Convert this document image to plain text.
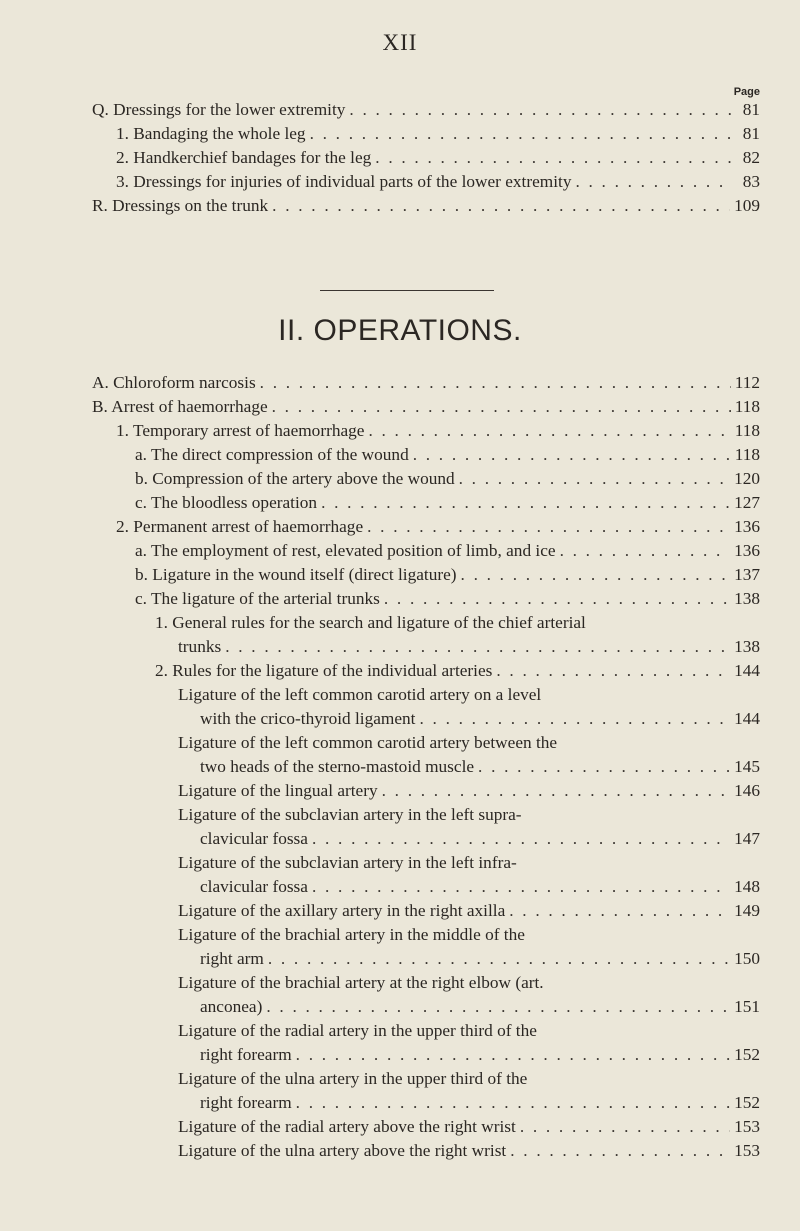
XII
Page
Q. Dressings for the lower extremity . . .	81
1. Bandaging the whole leg . . .	81
2. Handkerchief bandages for the leg . . .	82
3. Dressings for injuries of individual parts of the lower extremity . . .	83
R. Dressings on the trunk . . .	109
II. OPERATIONS.
A. Chloroform narcosis . . .	112
B. Arrest of haemorrhage . . .	118
1. Temporary arrest of haemorrhage . . .	118
a. The direct compression of the wound . . .	118
b. Compression of the artery above the wound . . .	120
c. The bloodless operation . . .	127
2. Permanent arrest of haemorrhage . . .	136
a. The employment of rest, elevated position of limb, and ice . . .	136
b. Ligature in the wound itself (direct ligature) . . .	137
c. The ligature of the arterial trunks . . .	138
1. General rules for the search and ligature of the chief arterial
trunks . . .	138
2. Rules for the ligature of the individual arteries . . .	144
Ligature of the left common carotid artery on a level
with the crico-thyroid ligament . . .	144
Ligature of the left common carotid artery between the
two heads of the sterno-mastoid muscle . . .	145
Ligature of the lingual artery . . .	146
Ligature of the subclavian artery in the left supra-
clavicular fossa . . .	147
Ligature of the subclavian artery in the left infra-
clavicular fossa . . .	148
Ligature of the axillary artery in the right axilla . . .	149
Ligature of the brachial artery in the middle of the
right arm . . .	150
Ligature of the brachial artery at the right elbow (art.
anconea) . . .	151
Ligature of the radial artery in the upper third of the
right forearm . . .	152
Ligature of the ulna artery in the upper third of the
right forearm . . .	152
Ligature of the radial artery above the right wrist . . .	153
Ligature of the ulna artery above the right wrist . . .	153
